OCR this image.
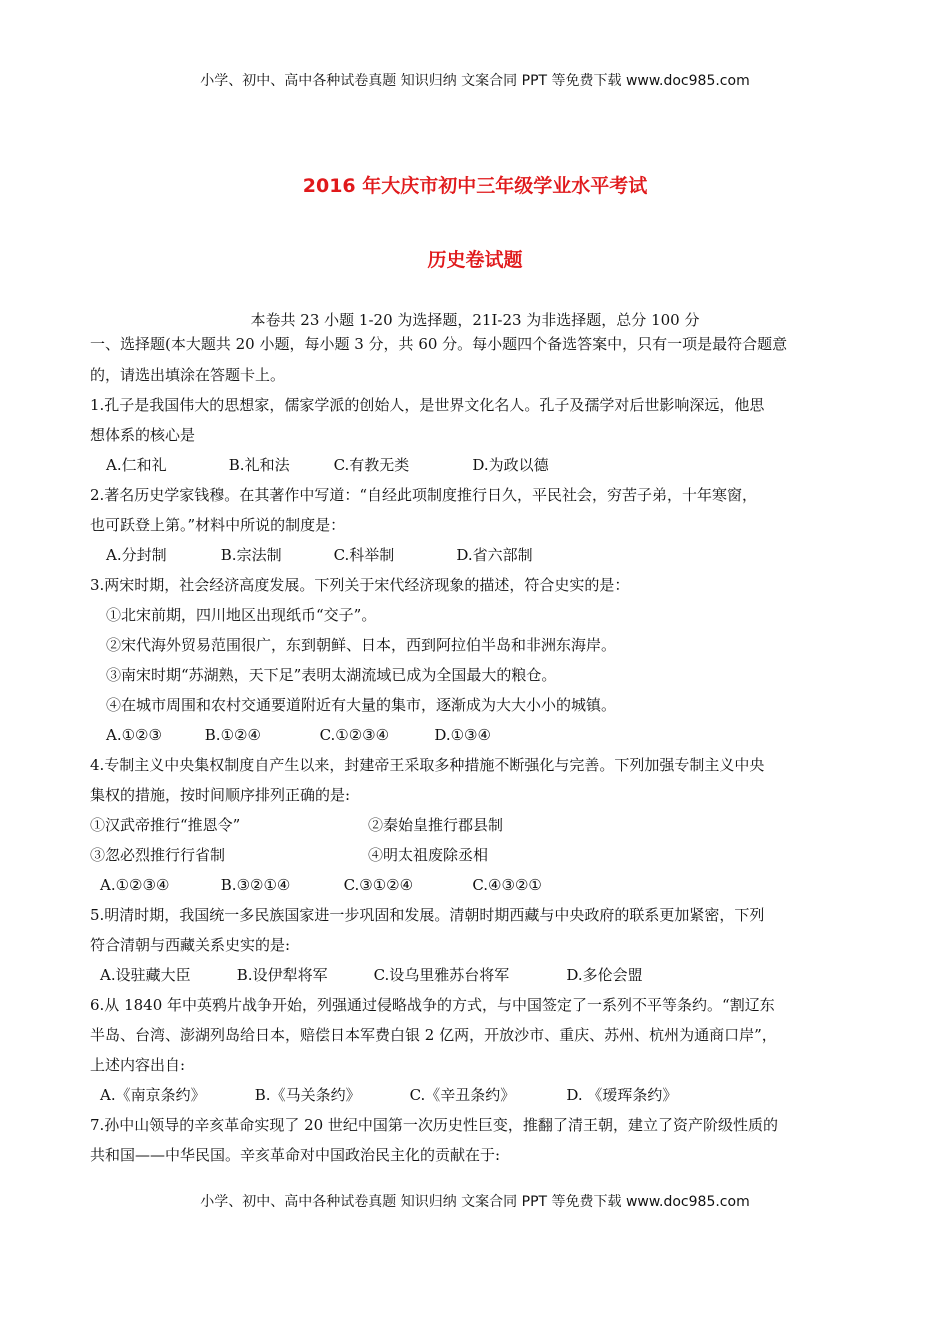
小学、初中、高中各种试卷真题 知识归纳 文案合同 PPT 等免费下载 www.doc985.com
2016 年大庆市初中三年级学业水平考试
历史卷试题
本卷共 23 小题 1-20 为选择题，21I-23 为非选择题，总分 100 分
一、选择题(本大题共 20 小题，每小题 3 分，共 60 分。每小题四个备选答案中，只有一项是最符合题意
的，请选出填涂在答题卡上。
1.孔子是我国伟大的思想家，儒家学派的创始人，是世界文化名人。孔子及孺学对后世影响深远，他思
想体系的核心是
A.仁和礼	B.礼和法	C.有教无类	D.为政以德
2.著名历史学家钱穆。在其著作中写道：“自经此项制度推行日久，平民社会，穷苦子弟，十年寒窗，
也可跃登上第。”材料中所说的制度是：
A.分封制	B.宗法制	C.科举制	D.省六部制
3.两宋时期，社会经济高度发展。下列关于宋代经济现象的描述，符合史实的是：
①北宋前期，四川地区出现纸币“交子”。
②宋代海外贸易范围很广，东到朝鲜、日本，西到阿拉伯半岛和非洲东海岸。
③南宋时期“苏湖熟，天下足”表明太湖流域已成为全国最大的粮仓。
④在城市周围和农村交通要道附近有大量的集市，逐渐成为大大小小的城镇。
A.①②③	B.①②④	C.①②③④	D.①③④
4.专制主义中央集权制度自产生以来，封建帝王采取多种措施不断强化与完善。下列加强专制主义中央
集权的措施，按时间顺序排列正确的是:
①汉武帝推行“推恩令”	②秦始皇推行郡县制
③忽必烈推行行省制	④明太祖废除丞相
A.①②③④	B.③②①④	C.③①②④	C.④③②①
5.明清时期，我国统一多民族国家进一步巩固和发展。清朝时期西藏与中央政府的联系更加紧密，下列
符合清朝与西藏关系史实的是:
A.设驻藏大臣	B.设伊犁将军	C.设乌里雅苏台将军	D.多伦会盟
6.从 1840 年中英鸦片战争开始，列强通过侵略战争的方式，与中国签定了一系列不平等条约。“割辽东
半岛、台湾、澎湖列岛给日本，赔偿日本军费白银 2 亿两，开放沙市、重庆、苏州、杭州为通商口岸”，
上述内容出自:
A.《南京条约》	B.《马关条约》	C.《辛丑条约》	D. 《瑷珲条约》
7.孙中山领导的辛亥革命实现了 20 世纪中国第一次历史性巨变，推翻了清王朝，建立了资产阶级性质的
共和国——中华民国。辛亥革命对中国政治民主化的贡献在于:
小学、初中、高中各种试卷真题 知识归纳 文案合同 PPT 等免费下载 www.doc985.com
